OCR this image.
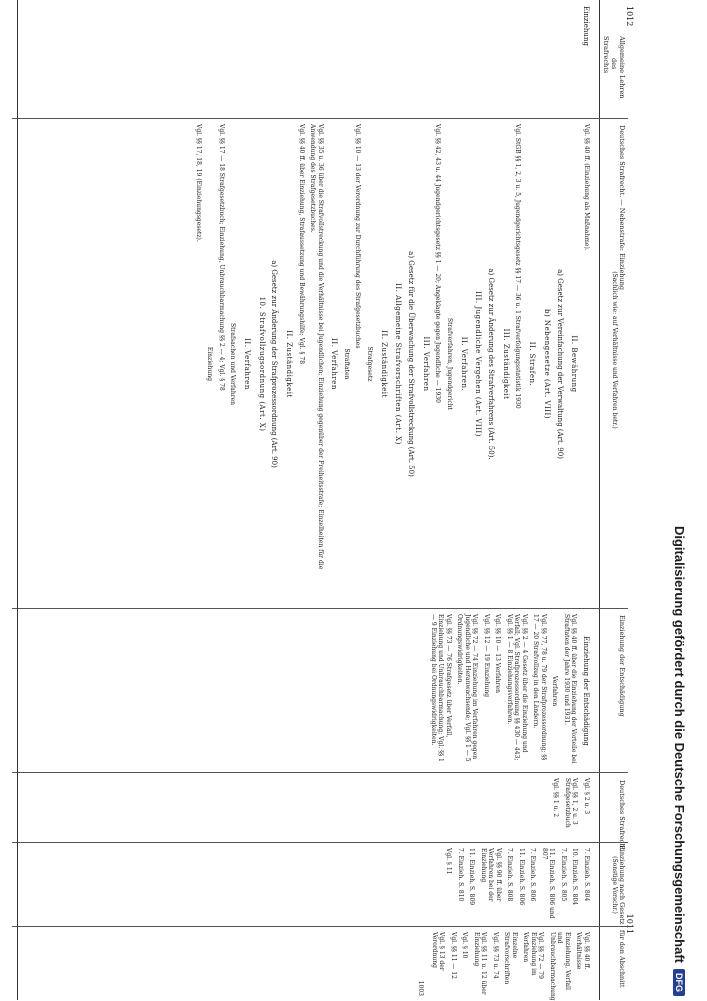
1012
1011
Allgemeine Lehren
des
Strafrechts
Deutsches Strafrecht. — Nebenstrafe: Einziehung
(Sachlich wie: auf Verhältnisse und Verfahren betr.)
Einziehung der Entschädigung
Deutsches Strafrecht
Einziehung nach Gesetz
(Sonstige Vorschr.)
für den Abschnitt

Einziehung

Vgl. §§ 40 ff. (Einziehung als Maßnahme).

II. Bewährung

a) Gesetz zur Vereinfachung der Verwaltung (Art. 90)

b) Nebengesetze (Art. VIII)

II. Strafen.

Vgl. StGB §§ 1, 2, 3 u. 5, Jugendgerichtsgesetz §§ 17 — 36 u. 1 Strafverfolgungsstatistik 1930

III. Zuständigkeit

a) Gesetz zur Änderung des Strafverfahrens (Art. 50).

III. Jugendliche Vergehen (Art. VIII)

II. Verfahren.

Strafverfahren, Jugendgericht

Vgl. §§ 42, 43 u. 44 Jugendgerichtsgesetz §§ 1 — 20; Angeklagte gegen Jugendliche — 1930

III. Verfahren

a) Gesetz für die Überwachung der Strafvollstreckung (Art. 50)

II. Allgemeine Strafvorschriften (Art. X)

II. Zuständigkeit

Strafgesetz

Vgl. §§ 10 — 13 der Verordnung zur Durchführung des Strafgesetzbuches

Straftaten

II. Verfahren

Vgl. §§ 35 u. 36 über die Strafvollstreckung und die Verhältnisse bei Jugendlichen; Einziehung gegenüber der Freiheitsstrafe; Einzelheiten für die Anwendung des Strafgesetzbuches.

Vgl. §§ 40 ff. über Einziehung, Strafaussetzung und Bewährungshilfe; Vgl. § 78

II. Zuständigkeit

a) Gesetz zur Änderung der Strafprozessordnung (Art. 90)

10. Strafvollzugsordnung (Art. X)

II. Verfahren

Strafsachen und Verfahren

Vgl. §§ 17 — 18 Strafgesetzbuch; Einziehung, Unbrauchbarmachung §§ 2 — 4; Vgl. § 78

Einziehung

Vgl. §§ 17, 18, 19 (Einziehungsgesetz).

Einziehung der Entschädigung

Vgl. §§ 40 ff. über die Einziehung der Vorteile bei Straftaten der Jahre 1930 und 1931.

Verfahren

Vgl. §§ 77, 78 u. 79 der Strafprozessordnung; §§ 17 — 20 Strafvollzug in den Ländern.

Vgl. §§ 2 — 4 Gesetz über die Einziehung und Verfall; Vgl. Strafprozessordnung §§ 430 — 443; Vgl. §§ 1 — 8 Einziehungsverfahren.

Vgl. §§ 10 — 13 Verfahren

Vgl. §§ 12 — 19 Einziehung

Vgl. §§ 72 — 74 Einziehung im Verfahren gegen Jugendliche und Heranwachsende; Vgl. §§ 1 — 5 Ordnungswidrigkeiten.

Vgl. §§ 73 — 76 Strafgesetz über Verfall, Einziehung und Unbrauchbarmachung; Vgl. §§ 1 — 9 Einziehung bei Ordnungswidrigkeiten.

Vgl. § 2 u. 3

Vgl. §§ 1, 2 u. 3 Strafgesetzbuch

Vgl. §§ 1 u. 2

7. Einzieh. S. 804

10. Einzieh. S. 804

7. Einzieh. S. 805

11. Einzieh. S. 806 und 807

7. Einzieh. S. 806

11. Einzieh. S. 806

7. Einzieh. S. 808

Vgl. §§ 90 ff. über Verfahren bei der Einziehung

11. Einzieh. S. 809

7. Einzieh. S. 810

Vgl. § 11

Vgl. §§ 40 ff. Verhältnisse

Einziehung, Verfall und Unbrauchbarmachung

Vgl. §§ 72 — 79 Einziehung im Verfahren

Einzelne Strafvorschriften

Vgl. §§ 73 u. 74

Vgl. §§ 11 u. 12 über Einziehung

Vgl. § 10

Vgl. §§ 11 — 12

Vgl. § 13 der Verordnung

1003

Digitalisierung gefördert durch die Deutsche Forschungsgemeinschaft
DFG
